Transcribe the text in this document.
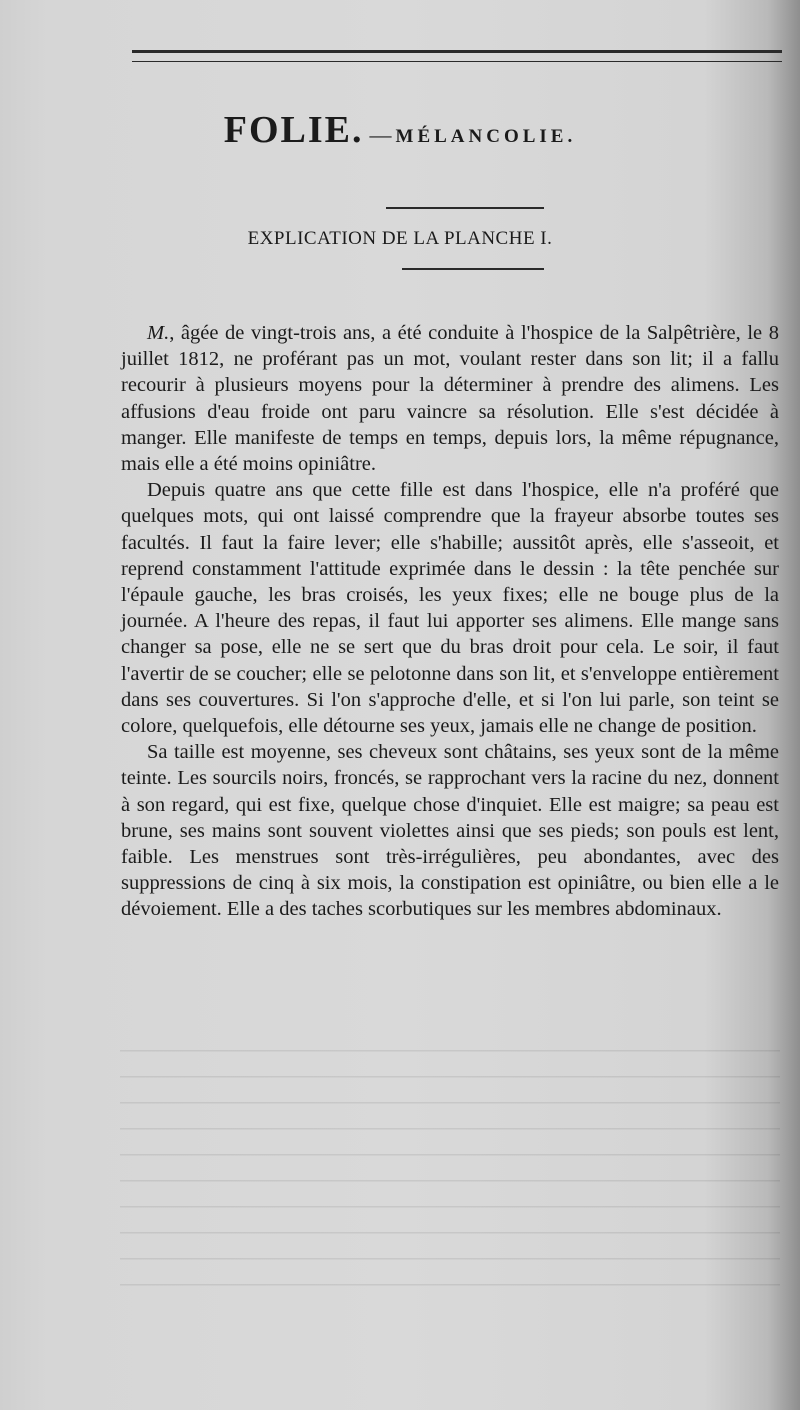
FOLIE. — MÉLANCOLIE.
EXPLICATION DE LA PLANCHE I.

M., âgée de vingt-trois ans, a été conduite à l'hospice de la Salpêtrière, le 8 juillet 1812, ne proférant pas un mot, voulant rester dans son lit; il a fallu recourir à plusieurs moyens pour la déterminer à prendre des alimens. Les affusions d'eau froide ont paru vaincre sa résolution. Elle s'est décidée à manger. Elle manifeste de temps en temps, depuis lors, la même répugnance, mais elle a été moins opiniâtre.

Depuis quatre ans que cette fille est dans l'hospice, elle n'a proféré que quelques mots, qui ont laissé comprendre que la frayeur absorbe toutes ses facultés. Il faut la faire lever; elle s'habille; aussitôt après, elle s'asseoit, et reprend constamment l'attitude exprimée dans le dessin : la tête penchée sur l'épaule gauche, les bras croisés, les yeux fixes; elle ne bouge plus de la journée. A l'heure des repas, il faut lui apporter ses alimens. Elle mange sans changer sa pose, elle ne se sert que du bras droit pour cela. Le soir, il faut l'avertir de se coucher; elle se pelotonne dans son lit, et s'enveloppe entièrement dans ses couvertures. Si l'on s'approche d'elle, et si l'on lui parle, son teint se colore, quelquefois, elle détourne ses yeux, jamais elle ne change de position.

Sa taille est moyenne, ses cheveux sont châtains, ses yeux sont de la même teinte. Les sourcils noirs, froncés, se rapprochant vers la racine du nez, donnent à son regard, qui est fixe, quelque chose d'inquiet. Elle est maigre; sa peau est brune, ses mains sont souvent violettes ainsi que ses pieds; son pouls est lent, faible. Les menstrues sont très-irrégulières, peu abondantes, avec des suppressions de cinq à six mois, la constipation est opiniâtre, ou bien elle a le dévoiement. Elle a des taches scorbutiques sur les membres abdominaux.
